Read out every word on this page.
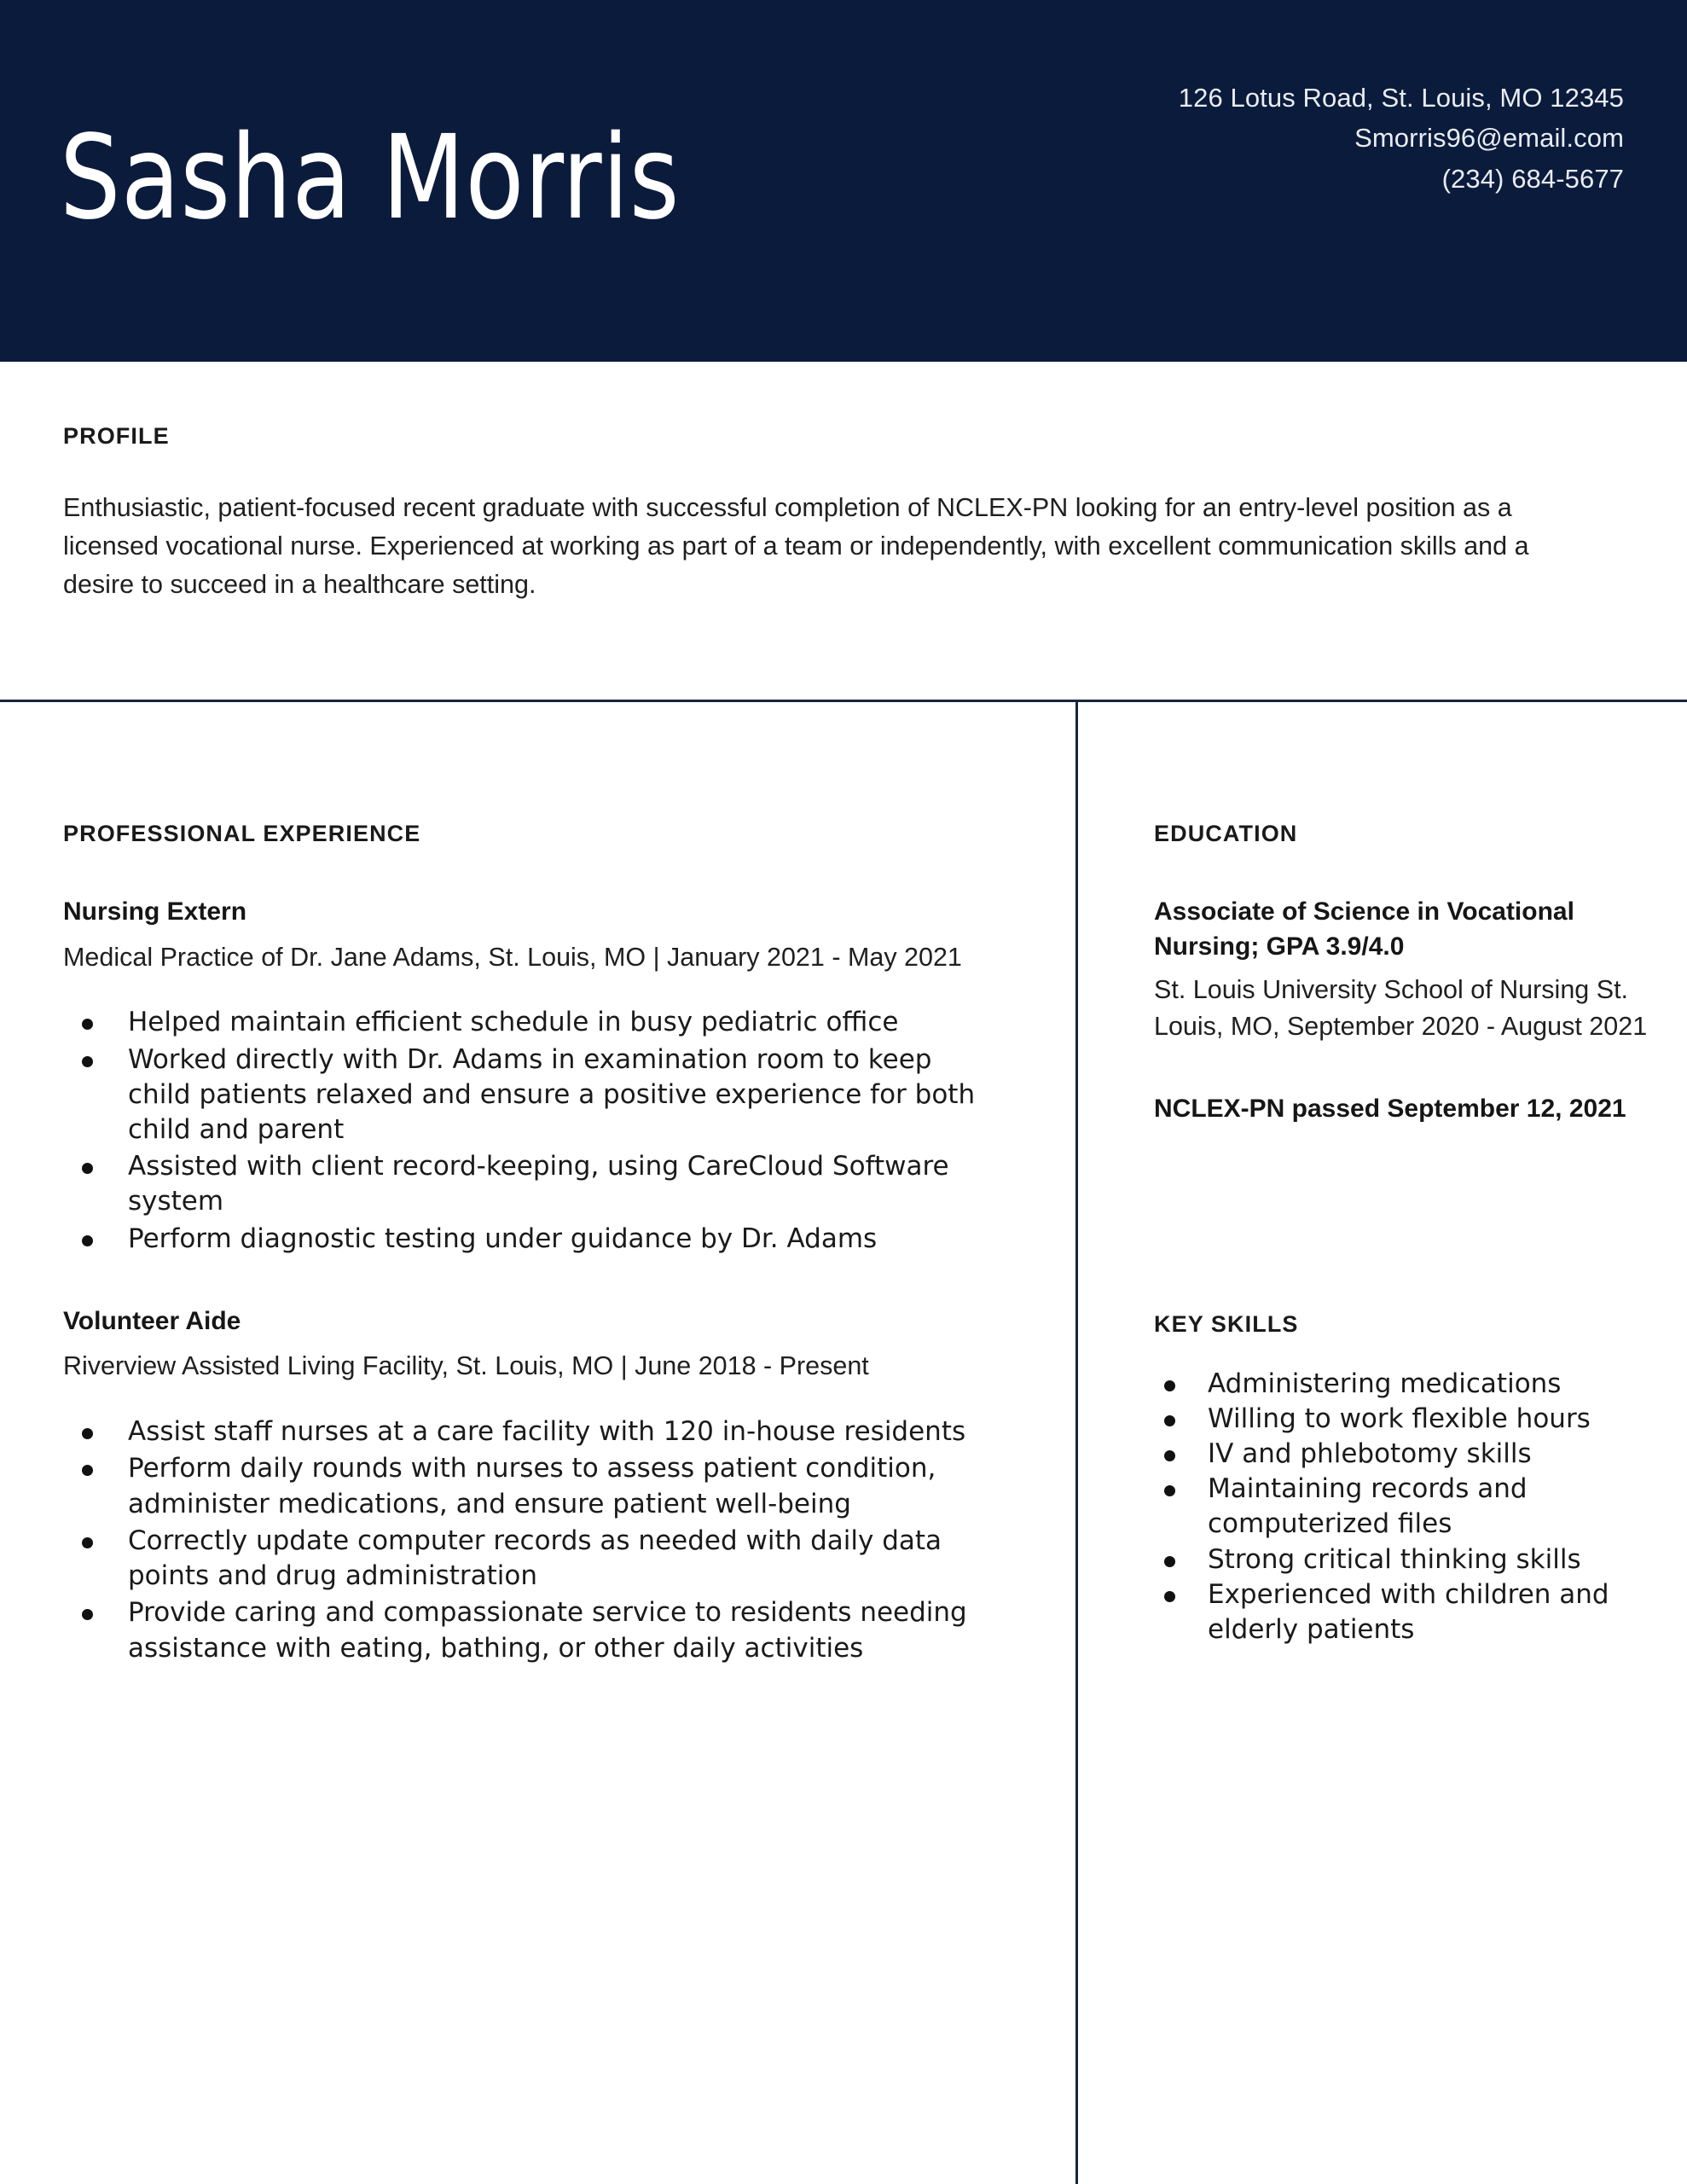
Sasha Morris
126 Lotus Road, St. Louis, MO 12345
Smorris96@email.com
(234) 684-5677
PROFILE
Enthusiastic, patient-focused recent graduate with successful completion of NCLEX-PN looking for an entry-level position as a licensed vocational nurse. Experienced at working as part of a team or independently, with excellent communication skills and a desire to succeed in a healthcare setting.
PROFESSIONAL EXPERIENCE
Nursing Extern
Medical Practice of Dr. Jane Adams, St. Louis, MO | January 2021 - May 2021
Helped maintain efficient schedule in busy pediatric office
Worked directly with Dr. Adams in examination room to keep child patients relaxed and ensure a positive experience for both child and parent
Assisted with client record-keeping, using CareCloud Software system
Perform diagnostic testing under guidance by Dr. Adams
Volunteer Aide
Riverview Assisted Living Facility, St. Louis, MO | June 2018 - Present
Assist staff nurses at a care facility with 120 in-house residents
Perform daily rounds with nurses to assess patient condition, administer medications, and ensure patient well-being
Correctly update computer records as needed with daily data points and drug administration
Provide caring and compassionate service to residents needing assistance with eating, bathing, or other daily activities
EDUCATION
Associate of Science in Vocational Nursing; GPA 3.9/4.0
St. Louis University School of Nursing St. Louis, MO, September 2020 - August 2021
NCLEX-PN passed September 12, 2021
KEY SKILLS
Administering medications
Willing to work flexible hours
IV and phlebotomy skills
Maintaining records and computerized files
Strong critical thinking skills
Experienced with children and elderly patients
